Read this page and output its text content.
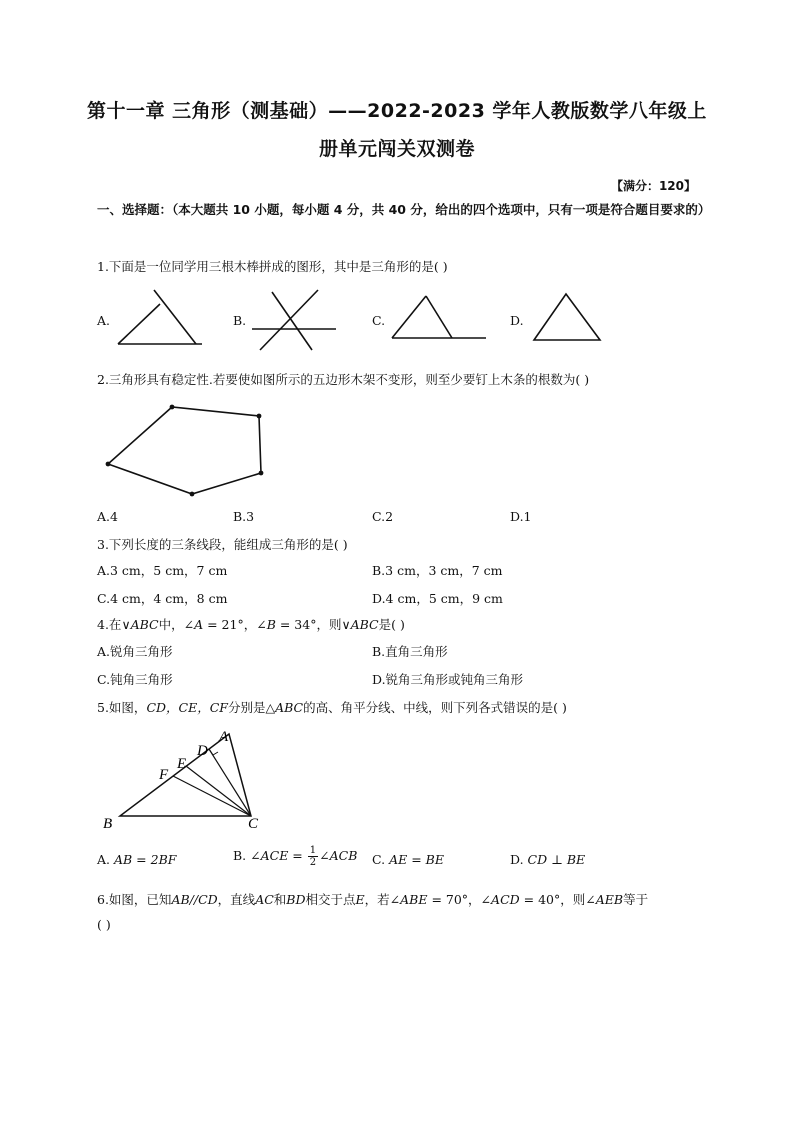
第十一章 三角形（测基础）——2022-2023 学年人教版数学八年级上
册单元闯关双测卷
【满分：120】
一、选择题：（本大题共 10 小题，每小题 4 分，共 40 分，给出的四个选项中，只有一项是符合题目要求的）
1.下面是一位同学用三根木棒拼成的图形，其中是三角形的是( )
A.	B.	C.	D.
2.三角形具有稳定性.若要使如图所示的五边形木架不变形，则至少要钉上木条的根数为( )
A.4	B.3	C.2	D.1
3.下列长度的三条线段，能组成三角形的是( )
A.3 cm，5 cm，7 cm	B.3 cm，3 cm，7 cm
C.4 cm，4 cm，8 cm	D.4 cm，5 cm，9 cm
4.在∨ABC中，∠A = 21°，∠B = 34°，则∨ABC是( )
A.锐角三角形	B.直角三角形
C.钝角三角形	D.锐角三角形或钝角三角形
5.如图，CD，CE，CF分别是△ABC的高、角平分线、中线，则下列各式错误的是( )
A
D
E
F
B	C
A. AB = 2BF	B. ∠ACE = $\frac{1}{2}$ ∠ACB C. AE = BE	D. CD ⊥ BE
6.如图，已知AB//CD，直线AC和BD相交于点E，若∠ABE = 70°，∠ACD = 40°，则∠AEB等于
( )
